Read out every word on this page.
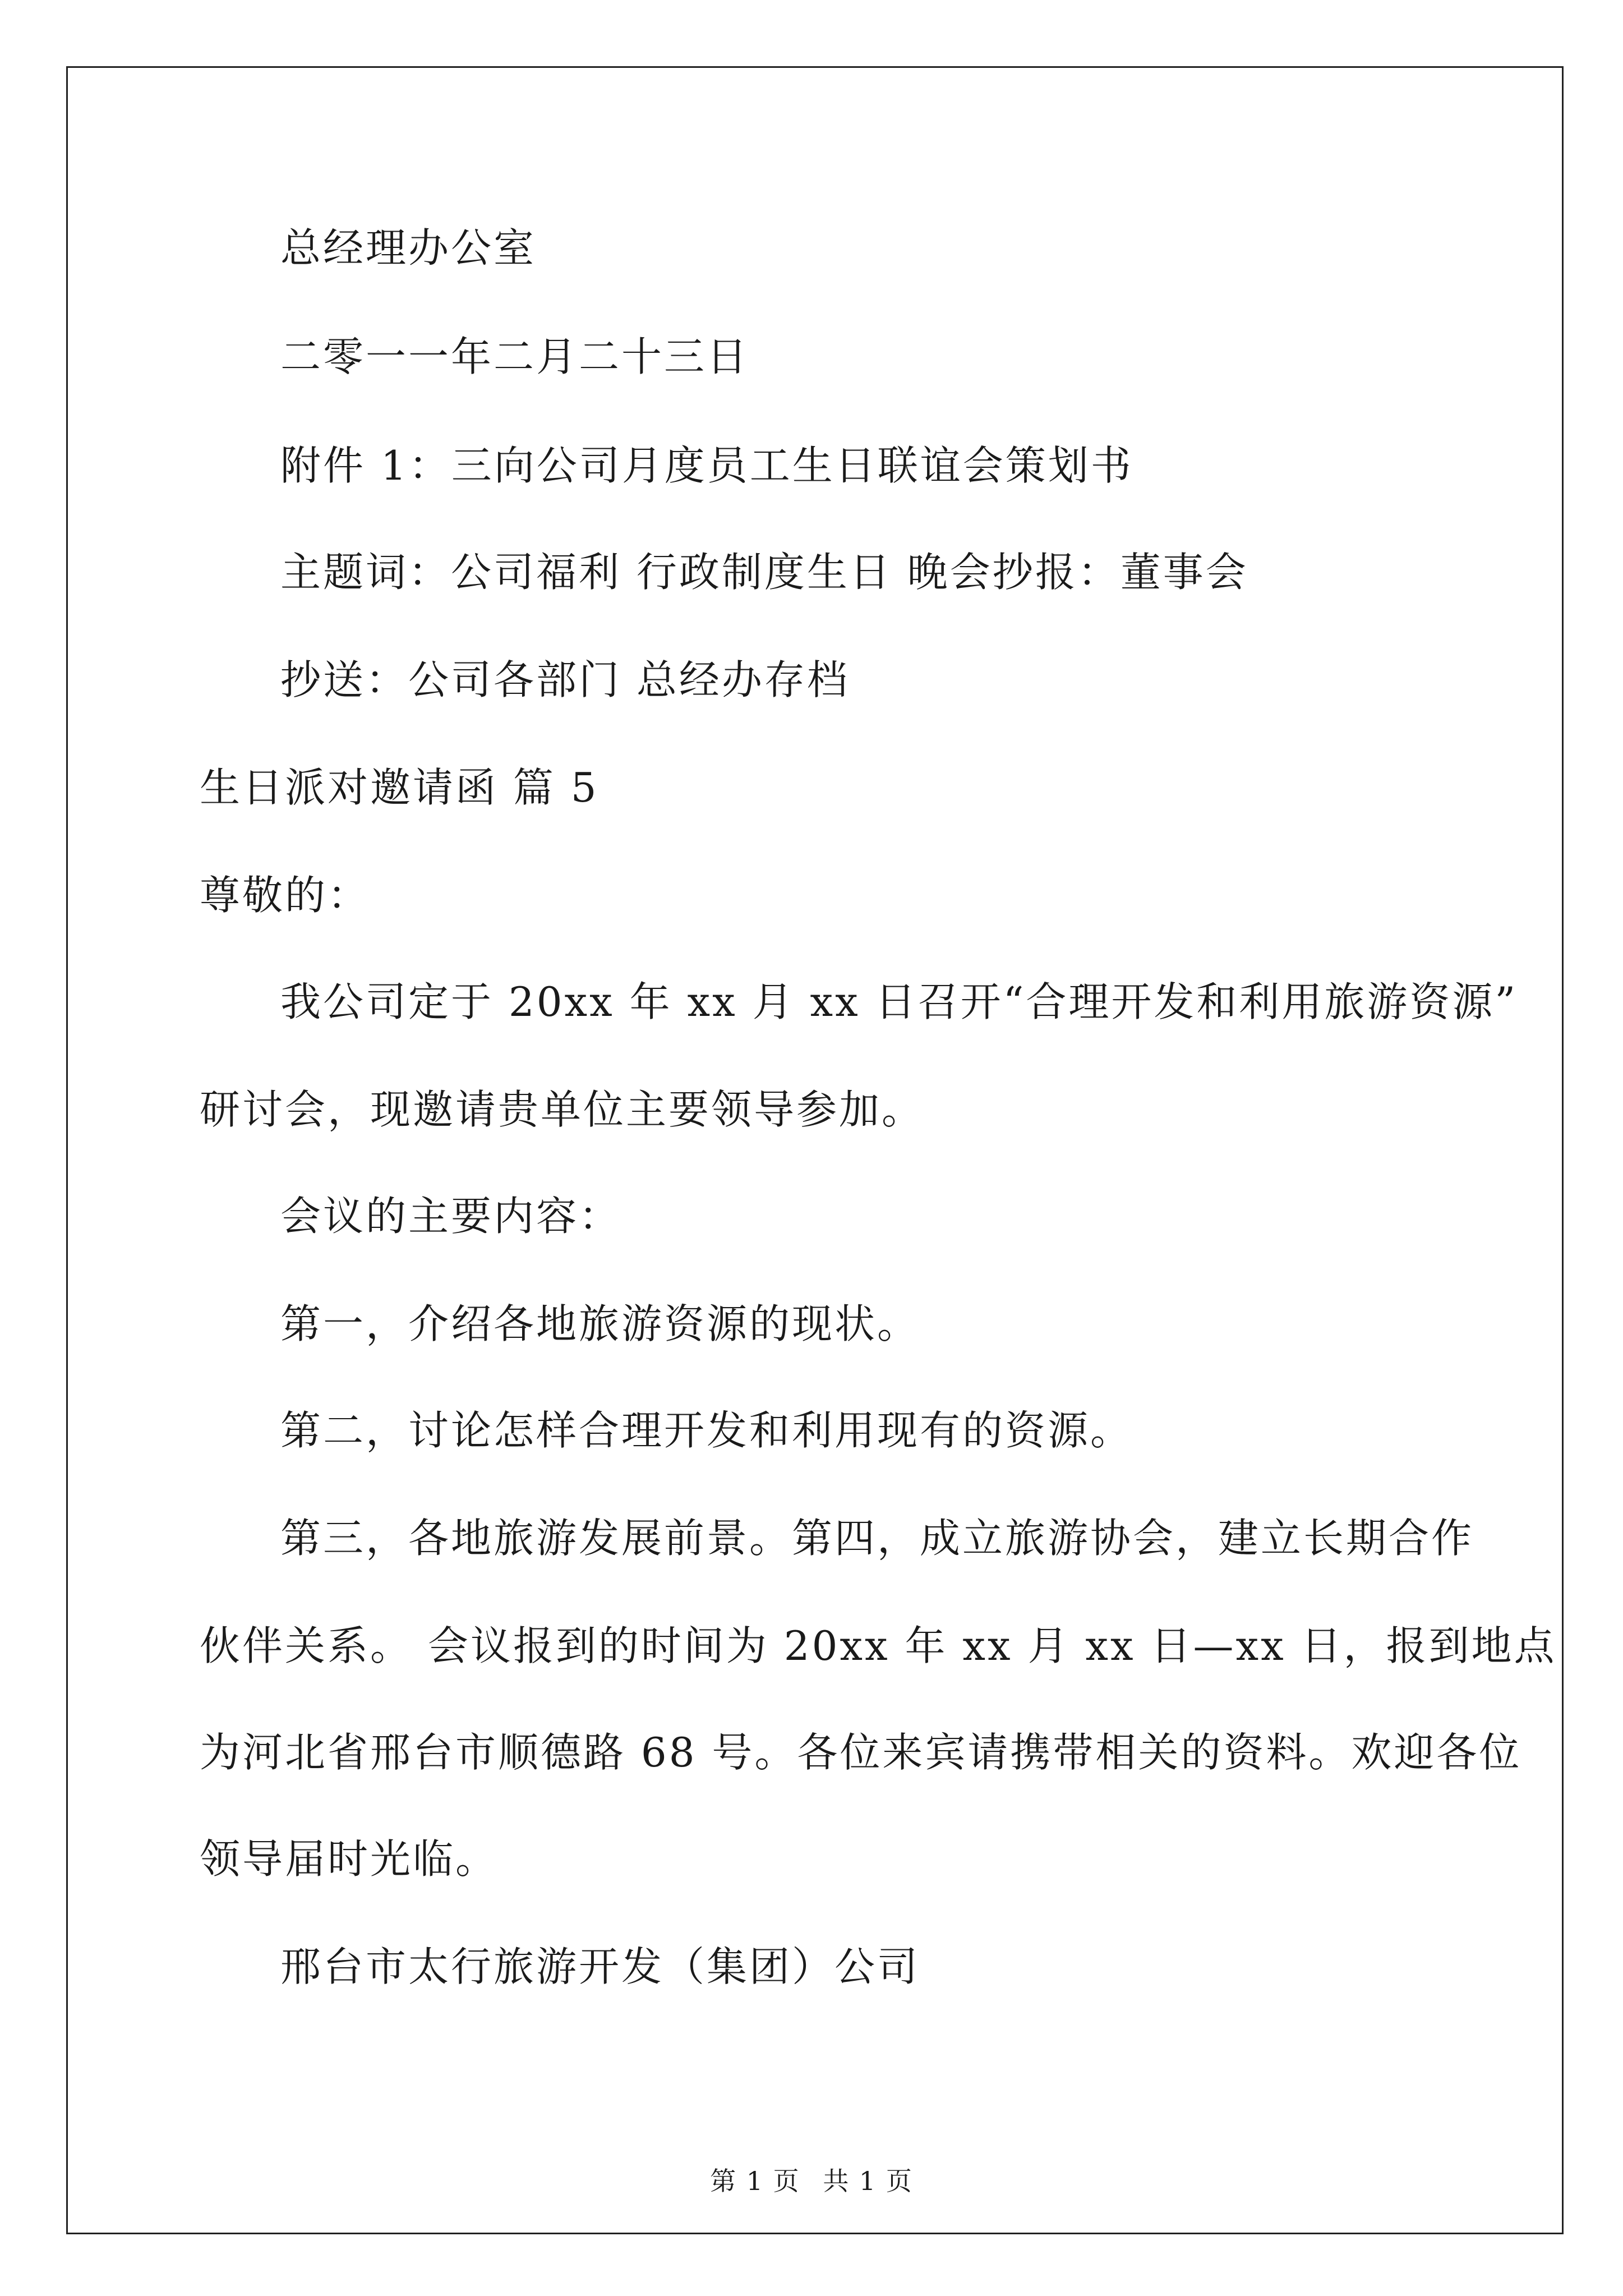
总经理办公室
二零一一年二月二十三日
附件 1：三向公司月度员工生日联谊会策划书
主题词：公司福利 行政制度生日 晚会抄报：董事会
抄送：公司各部门 总经办存档
生日派对邀请函 篇 5
尊敬的：
我公司定于 20xx 年 xx 月 xx 日召开“合理开发和利用旅游资源”
研讨会，现邀请贵单位主要领导参加。
会议的主要内容：
第一，介绍各地旅游资源的现状。
第二，讨论怎样合理开发和利用现有的资源。
第三，各地旅游发展前景。第四，成立旅游协会，建立长期合作
伙伴关系。 会议报到的时间为 20xx 年 xx 月 xx 日—xx 日，报到地点
为河北省邢台市顺德路 68 号。各位来宾请携带相关的资料。欢迎各位
领导届时光临。
邢台市太行旅游开发（集团）公司
第 1 页 共 1 页
